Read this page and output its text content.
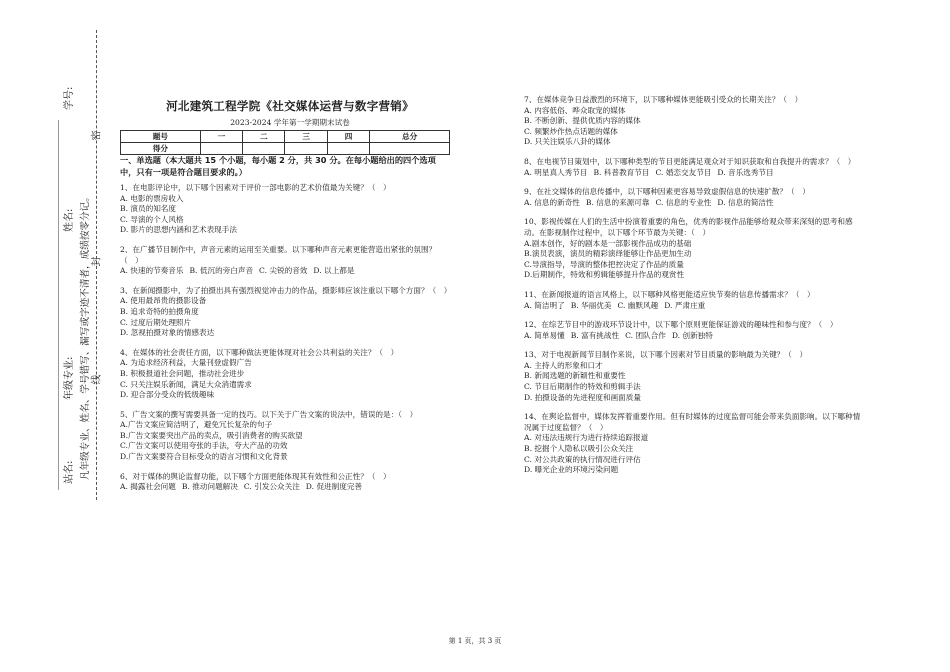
学号:
姓名:
年级专业:
站名: 凡年级专业、姓名、学号错写、漏写或字迹不清者，成绩按零分记。
密
封
线
河北建筑工程学院《社交媒体运营与数字营销》
2023-2024 学年第一学期期末试卷
题号	一	二	三	四	总分
得分					
一、单选题（本大题共 15 个小题，每小题 2 分，共 30 分。在每小题给出的四个选项中，只有一项是符合题目要求的。）

1、在电影评论中，以下哪个因素对于评价一部电影的艺术价值最为关键？（　）

A. 电影的票房收入

B. 演员的知名度

C. 导演的个人风格

D. 影片的思想内涵和艺术表现手法

2、在广播节目制作中，声音元素的运用至关重要。以下哪种声音元素更能营造出紧张的氛围？（　）

A. 快速的节奏音乐 B. 低沉的旁白声音 C. 尖锐的音效 D. 以上都是

3、在新闻摄影中，为了拍摄出具有强烈视觉冲击力的作品，摄影师应该注重以下哪个方面？（　）

A. 使用最昂贵的摄影设备

B. 追求奇特的拍摄角度

C. 过度后期处理照片

D. 忽视拍摄对象的情感表达

4、在媒体的社会责任方面，以下哪种做法更能体现对社会公共利益的关注？（　）

A. 为追求经济利益，大量刊登虚假广告

B. 积极报道社会问题，推动社会进步

C. 只关注娱乐新闻，满足大众消遣需求

D. 迎合部分受众的低级趣味

5、广告文案的撰写需要具备一定的技巧。以下关于广告文案的说法中，错误的是：（　）

A.广告文案应简洁明了，避免冗长复杂的句子

B.广告文案要突出产品的卖点，吸引消费者的购买欲望

C.广告文案可以使用夸张的手法，夸大产品的功效

D.广告文案要符合目标受众的语言习惯和文化背景

6、对于媒体的舆论监督功能，以下哪个方面更能体现其有效性和公正性？（　）

A. 揭露社会问题 B. 推动问题解决 C. 引发公众关注 D. 促进制度完善

7、在媒体竞争日益激烈的环境下，以下哪种媒体更能吸引受众的长期关注？（　）

A. 内容低俗、哗众取宠的媒体

B. 不断创新、提供优质内容的媒体

C. 频繁炒作热点话题的媒体

D. 只关注娱乐八卦的媒体

8、在电视节目策划中，以下哪种类型的节目更能满足观众对于知识获取和自我提升的需求？（　）

A. 明星真人秀节目 B. 科普教育节目 C. 婚恋交友节目 D. 音乐选秀节目

9、在社交媒体的信息传播中，以下哪种因素更容易导致虚假信息的快速扩散？（　）

A. 信息的新奇性 B. 信息的来源可靠 C. 信息的专业性 D. 信息的简洁性

10、影视传媒在人们的生活中扮演着重要的角色，优秀的影视作品能够给观众带来深刻的思考和感动。在影视制作过程中，以下哪个环节最为关键：（　）

A.剧本创作，好的剧本是一部影视作品成功的基础

B.演员表演，演员的精彩演绎能够让作品更加生动

C.导演指导，导演的整体把控决定了作品的质量

D.后期制作，特效和剪辑能够提升作品的观赏性

11、在新闻报道的语言风格上，以下哪种风格更能适应快节奏的信息传播需求？（　）

A. 简洁明了 B. 华丽优美 C. 幽默风趣 D. 严肃庄重

12、在综艺节目中的游戏环节设计中，以下哪个原则更能保证游戏的趣味性和参与度？（　）

A. 简单易懂 B. 富有挑战性 C. 团队合作 D. 创新独特

13、对于电视新闻节目制作来说，以下哪个因素对节目质量的影响最为关键？（　）

A. 主持人的形象和口才

B. 新闻选题的新颖性和重要性

C. 节目后期制作的特效和剪辑手法

D. 拍摄设备的先进程度和画面质量

14、在舆论监督中，媒体发挥着重要作用。但有时媒体的过度监督可能会带来负面影响。以下哪种情况属于过度监督？（　）

A. 对违法违规行为进行持续追踪报道

B. 挖掘个人隐私以吸引公众关注

C. 对公共政策的执行情况进行评估

D. 曝光企业的环境污染问题

第 1 页，共 3 页
